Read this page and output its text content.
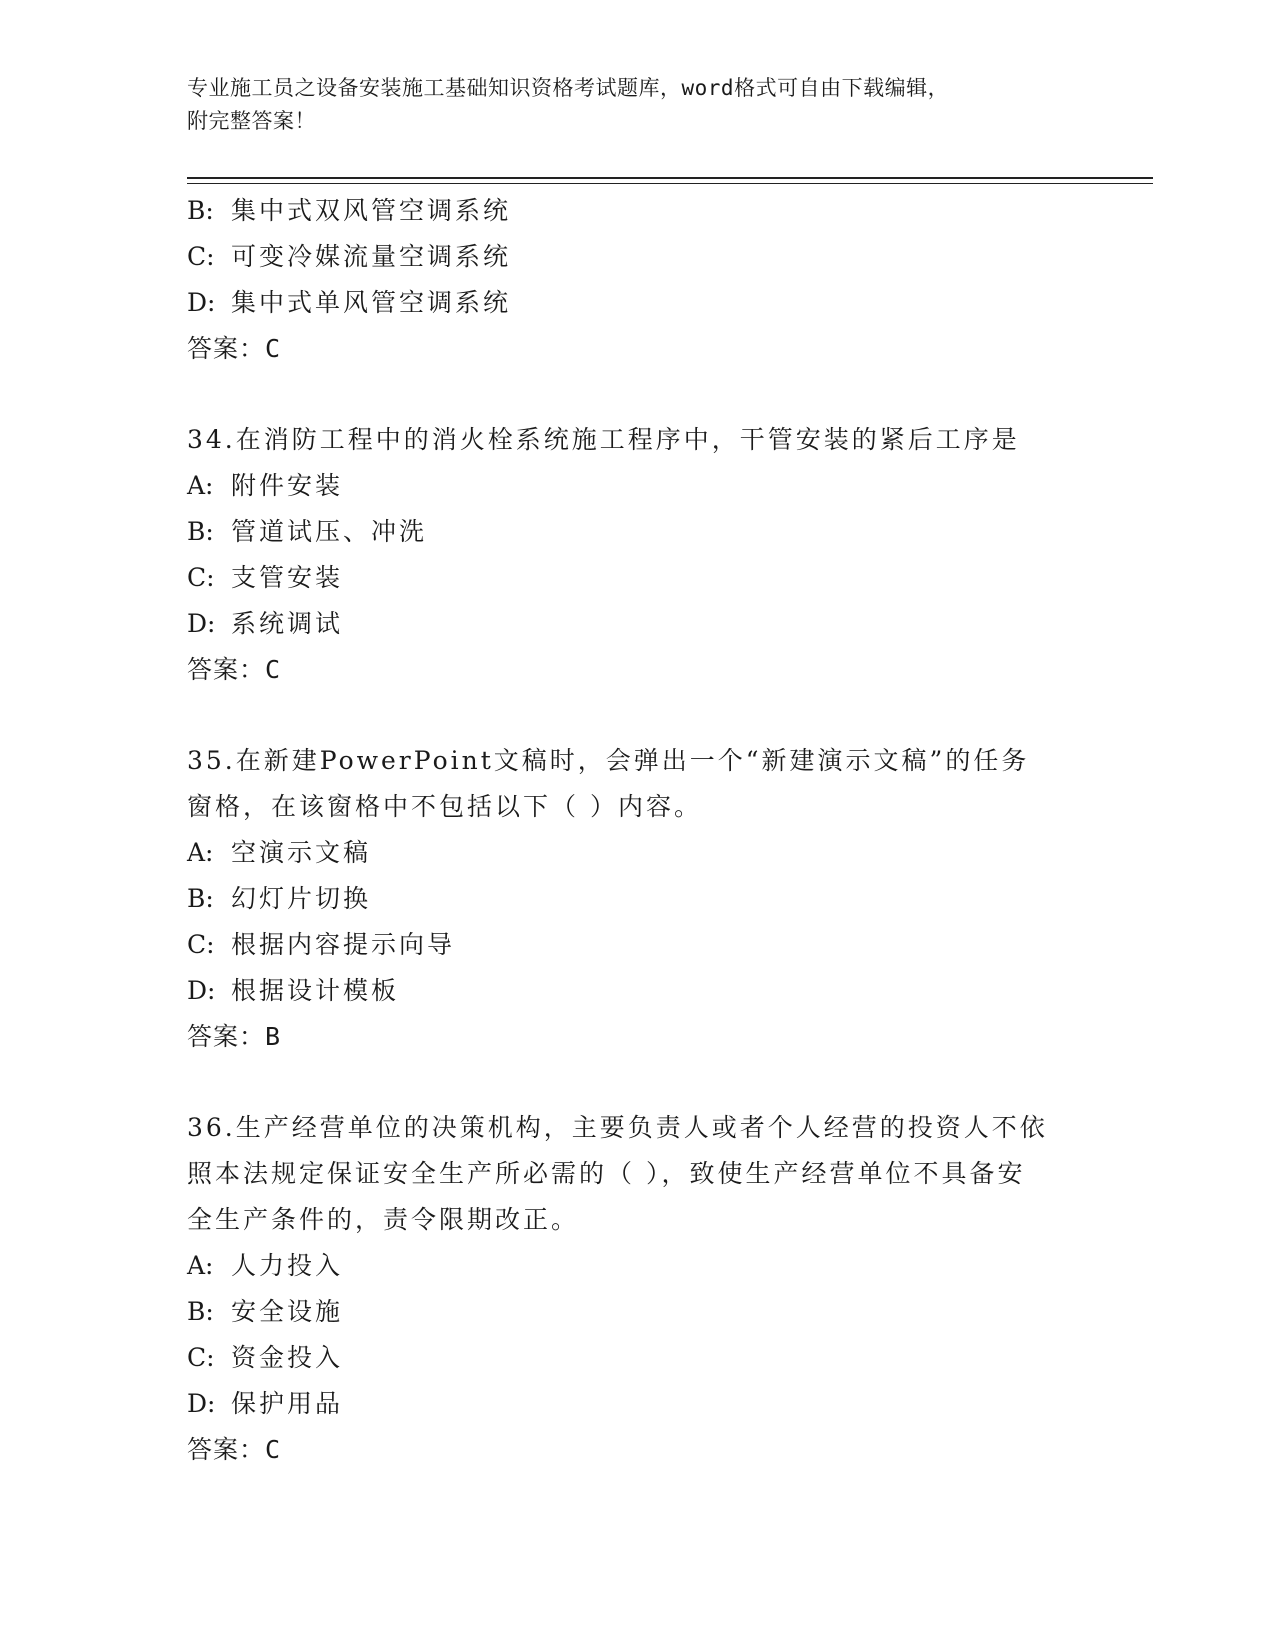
专业施工员之设备安装施工基础知识资格考试题库，word格式可自由下载编辑，
附完整答案！
B: 集中式双风管空调系统
C: 可变冷媒流量空调系统
D: 集中式单风管空调系统
答案：C
34.在消防工程中的消火栓系统施工程序中，干管安装的紧后工序是
A: 附件安装
B: 管道试压、冲洗
C: 支管安装
D: 系统调试
答案：C
35.在新建PowerPoint文稿时，会弹出一个“新建演示文稿”的任务
窗格，在该窗格中不包括以下（ ）内容。
A: 空演示文稿
B: 幻灯片切换
C: 根据内容提示向导
D: 根据设计模板
答案：B
36.生产经营单位的决策机构，主要负责人或者个人经营的投资人不依
照本法规定保证安全生产所必需的（ ），致使生产经营单位不具备安
全生产条件的，责令限期改正。
A: 人力投入
B: 安全设施
C: 资金投入
D: 保护用品
答案：C
